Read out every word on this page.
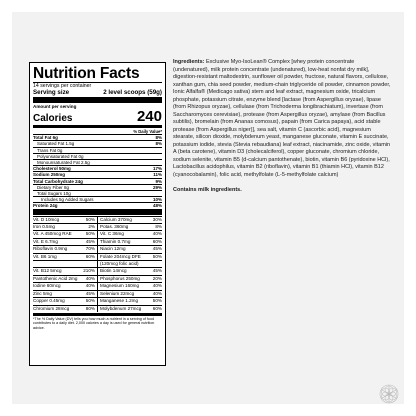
Nutrition Facts
14 servings per container
Serving size	2 level scoops (59g)
Amount per serving
Calories	240
% Daily Value*
Total Fat 6g	8%
Saturated Fat 1.5g	8%
Trans Fat 0g
Polyunsaturated Fat 0g
Monounsaturated Fat 2.5g
Cholesterol 50mg	17%
Sodium 250mg	11%
Total Carbohydrate 24g	9%
Dietary Fiber 8g	29%
Total Sugars 10g
Includes 5g Added Sugars	10%
Protein 24g	48%
Vit. D 10mcg	50% Calcium 370mg	30%
Iron 0.5mg	2% Potas. 360mg	8%
Vit. A 450mcg RAE	50% Vit. C 36mg	40%
Vit. E 6.7mg	45% Thiamin 0.7mg	60%
Riboflavin 0.9mg	70% Niacin 12mg	45%
Vit. B6 1mg	60% Folate 204mcg DFE	50%
(120mcg folic acid)
Vit. B12 5mcg	210% Biotin 14mcg	45%
Pantothenic Acid 2mg 40% Phosphorus 250mg	20%
Iodine 60mcg	40% Magnesium 160mg	40%
Zinc 5mg	45% Selenium 22mcg	40%
Copper 0.45mg	50% Manganese 1.2mg	50%
Chromium 28mcg	80% Molybdenum 27mcg 60%
*The % Daily Value (DV) tells you how much a nutrient in a serving of food contributes to a daily diet. 2,000 calories a day is used for general nutrition advice.

Ingredients: Exclusive Myo-IsoLean® Complex [whey protein concentrate (undenatured), milk protein concentrate (undenatured), low-heat nonfat dry milk], digestion-resistant maltodextrin, sunflower oil powder, fructose, natural flavors, cellulose, xanthan gum, chia seed powder, medium-chain triglyceride oil powder, cinnamon powder, Ionic Alfalfa® (Medicago sativa) stem and leaf extract, magnesium oxide, tricalcium phosphate, potassium citrate, enzyme blend [lactase (from Aspergillus oryzae), lipase (from Rhizopus oryzae), cellulase (from Trichoderma longibrachiatum), invertase (from Saccharomyces cerevisiae), protease (from Aspergillus oryzae), amylase (from Bacillus subtilis), bromelain (from Ananas comosus), papain (from Carica papaya), acid stable protease (from Aspergillus niger)], sea salt, vitamin C (ascorbic acid), magnesium stearate, silicon dioxide, molybdenum yeast, manganese gluconate, vitamin E succinate, potassium iodide, stevia (Stevia rebaudiana) leaf extract, niacinamide, zinc oxide, vitamin A (beta carotene), vitamin D3 (cholecalciferol), copper gluconate, chromium chloride, sodium selenite, vitamin B5 (d-calcium pantothenate), biotin, vitamin B6 (pyridoxine HCl), Lactobacillus acidophilus, vitamin B2 (riboflavin), vitamin B1 (thiamin HCl), vitamin B12 (cyanocobalamin), folic acid, methylfolate (L-5-methylfolate calcium)

Contains milk ingredients.
